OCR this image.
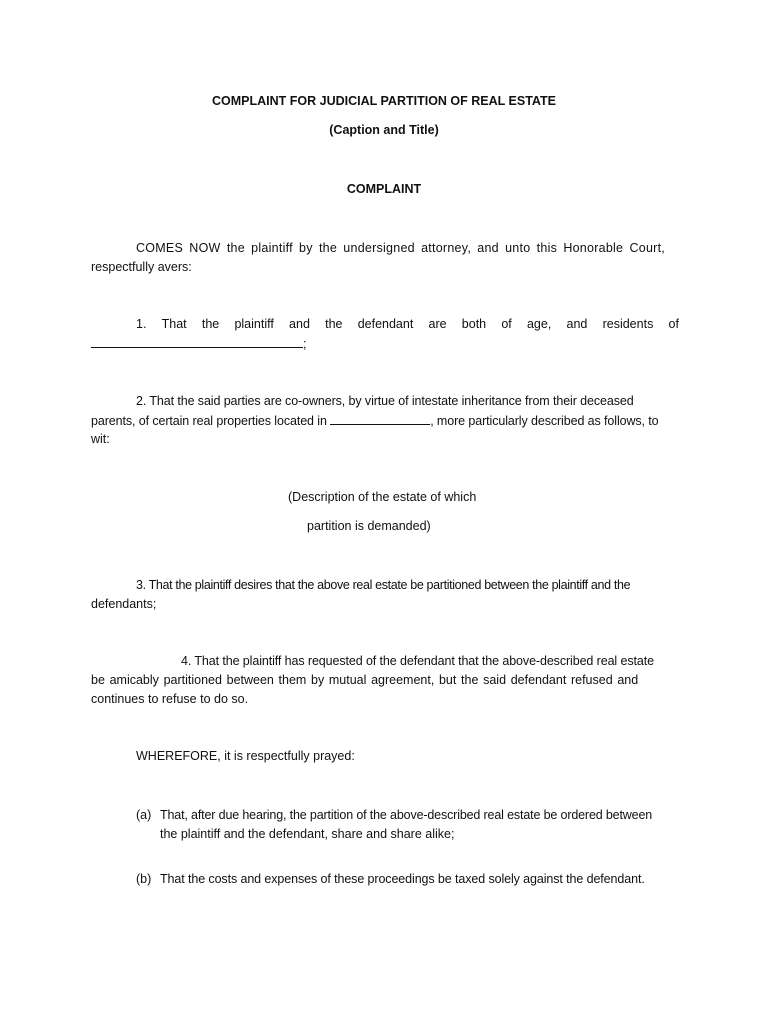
COMPLAINT FOR JUDICIAL PARTITION OF REAL ESTATE
(Caption and Title)
COMPLAINT
COMES NOW the plaintiff by the undersigned attorney, and unto this Honorable Court,
respectfully avers:
1. That the plaintiff and the defendant are both of age, and residents of
;
2. That the said parties are co-owners, by virtue of intestate inheritance from their deceased
parents, of certain real properties located in	, more particularly described as follows, to
wit:
(Description of the estate of which
partition is demanded)
3. That the plaintiff desires that the above real estate be partitioned between the plaintiff and the
defendants;
4. That the plaintiff has requested of the defendant that the above-described real estate
be amicably partitioned between them by mutual agreement, but the said defendant refused and
continues to refuse to do so.
WHEREFORE, it is respectfully prayed:
(a) That, after due hearing, the partition of the above-described real estate be ordered between
the plaintiff and the defendant, share and share alike;
(b) That the costs and expenses of these proceedings be taxed solely against the defendant.
